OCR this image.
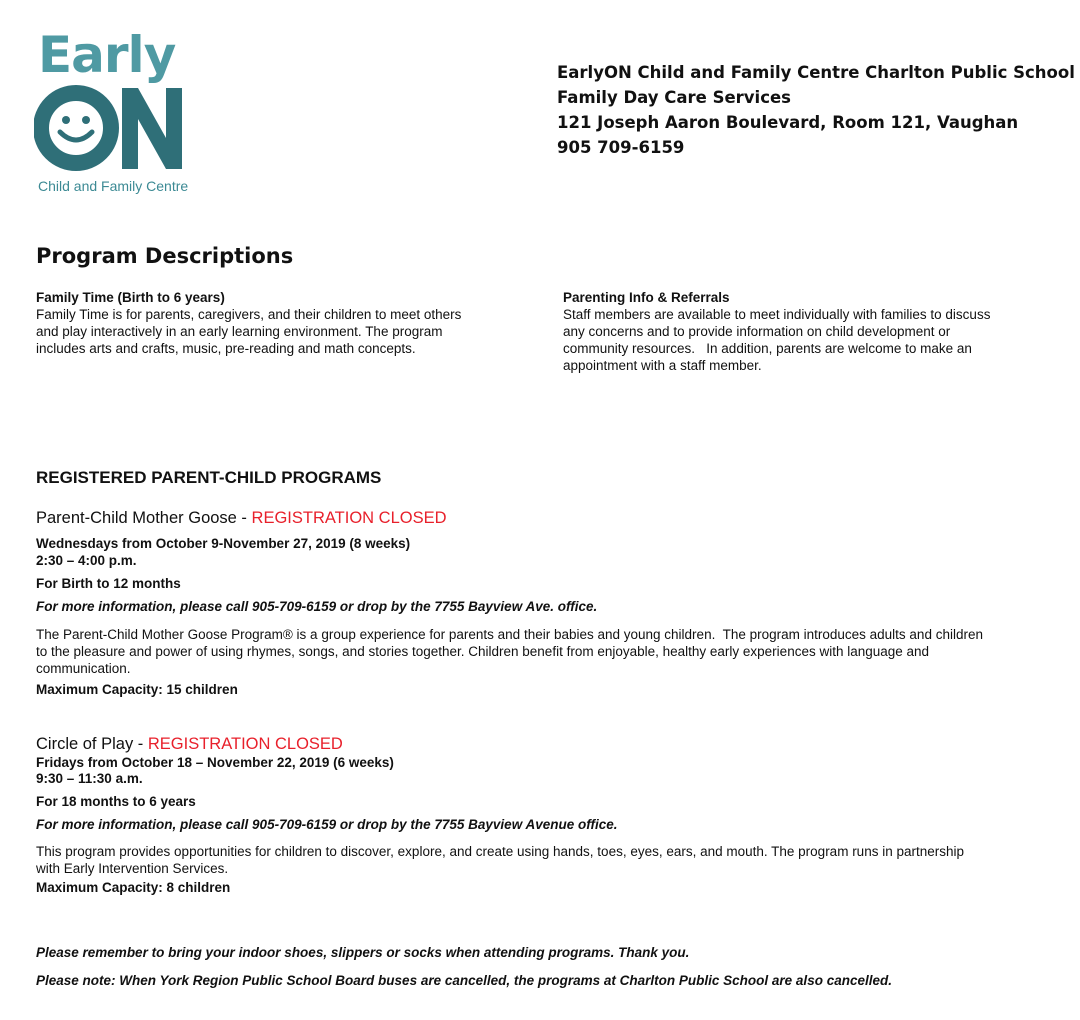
Early
Child and Family Centre
EarlyON Child and Family Centre Charlton Public School
Family Day Care Services
121 Joseph Aaron Boulevard, Room 121, Vaughan
905 709-6159
Program Descriptions
Family Time (Birth to 6 years)
Family Time is for parents, caregivers, and their children to meet others
and play interactively in an early learning environment. The program
includes arts and crafts, music, pre-reading and math concepts.
Parenting Info & Referrals
Staff members are available to meet individually with families to discuss
any concerns and to provide information on child development or
community resources.   In addition, parents are welcome to make an
appointment with a staff member.
REGISTERED PARENT-CHILD PROGRAMS
Parent-Child Mother Goose - REGISTRATION CLOSED
Wednesdays from October 9-November 27, 2019 (8 weeks)
2:30 – 4:00 p.m.
For Birth to 12 months
For more information, please call 905-709-6159 or drop by the 7755 Bayview Ave. office.
The Parent-Child Mother Goose Program® is a group experience for parents and their babies and young children.  The program introduces adults and children
to the pleasure and power of using rhymes, songs, and stories together. Children benefit from enjoyable, healthy early experiences with language and
communication.
Maximum Capacity: 15 children
Circle of Play - REGISTRATION CLOSED
Fridays from October 18 – November 22, 2019 (6 weeks)
9:30 – 11:30 a.m.
For 18 months to 6 years
For more information, please call 905-709-6159 or drop by the 7755 Bayview Avenue office.
This program provides opportunities for children to discover, explore, and create using hands, toes, eyes, ears, and mouth. The program runs in partnership
with Early Intervention Services.
Maximum Capacity: 8 children
Please remember to bring your indoor shoes, slippers or socks when attending programs. Thank you.
Please note: When York Region Public School Board buses are cancelled, the programs at Charlton Public School are also cancelled.
